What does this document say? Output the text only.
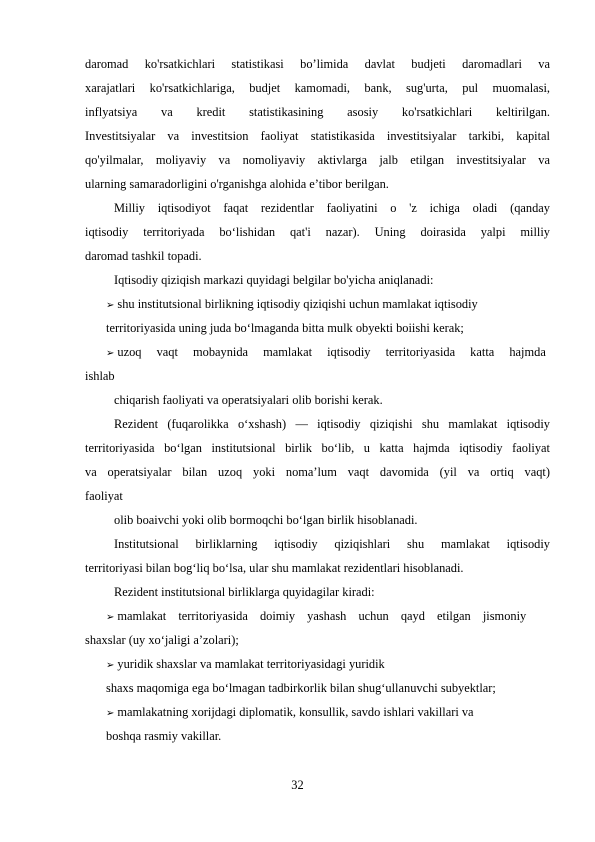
daromad ko'rsatkichlari statistikasi bo’limida davlat budjeti daromadlari va
xarajatlari ko'rsatkichlariga, budjet kamomadi, bank, sug'urta, pul muomalasi,
inflyatsiya va kredit statistikasining asosiy ko'rsatkichlari keltirilgan.
Investitsiyalar va investitsion faoliyat statistikasida investitsiyalar tarkibi, kapital
qo'yilmalar, moliyaviy va nomoliyaviy aktivlarga jalb etilgan investitsiyalar va
ularning samaradorligini o'rganishga alohida e’tibor berilgan.
Milliy iqtisodiyot faqat rezidentlar faoliyatini o 'z ichiga oladi (qanday
iqtisodiy territoriyada bo‘lishidan qat'i nazar). Uning doirasida yalpi milliy
daromad tashkil topadi.
Iqtisodiy qiziqish markazi quyidagi belgilar bo'yicha aniqlanadi:
➢ shu institutsional birlikning iqtisodiy qiziqishi uchun mamlakat iqtisodiy
territoriyasida uning juda bo‘lmaganda bitta mulk obyekti boiishi kerak;
➢ uzoq vaqt mobaynida mamlakat iqtisodiy territoriyasida katta hajmda
ishlab
chiqarish faoliyati va operatsiyalari olib borishi kerak.
Rezident (fuqarolikka o‘xshash) — iqtisodiy qiziqishi shu mamlakat iqtisodiy
territoriyasida bo‘lgan institutsional birlik bo‘lib, u katta hajmda iqtisodiy faoliyat
va operatsiyalar bilan uzoq yoki noma’lum vaqt davomida (yil va ortiq vaqt)
faoliyat
olib boaivchi yoki olib bormoqchi bo‘lgan birlik hisoblanadi.
Institutsional birliklarning iqtisodiy qiziqishlari shu mamlakat iqtisodiy
territoriyasi bilan bog‘liq bo‘lsa, ular shu mamlakat rezidentlari hisoblanadi.
Rezident institutsional birliklarga quyidagilar kiradi:
➢ mamlakat territoriyasida doimiy yashash uchun qayd etilgan jismoniy
shaxslar (uy xo‘jaligi a’zolari);
➢ yuridik shaxslar va mamlakat territoriyasidagi yuridik
shaxs maqomiga ega bo‘lmagan tadbirkorlik bilan shug‘ullanuvchi subyektlar;
➢ mamlakatning xorijdagi diplomatik, konsullik, savdo ishlari vakillari va
boshqa rasmiy vakillar.
32
